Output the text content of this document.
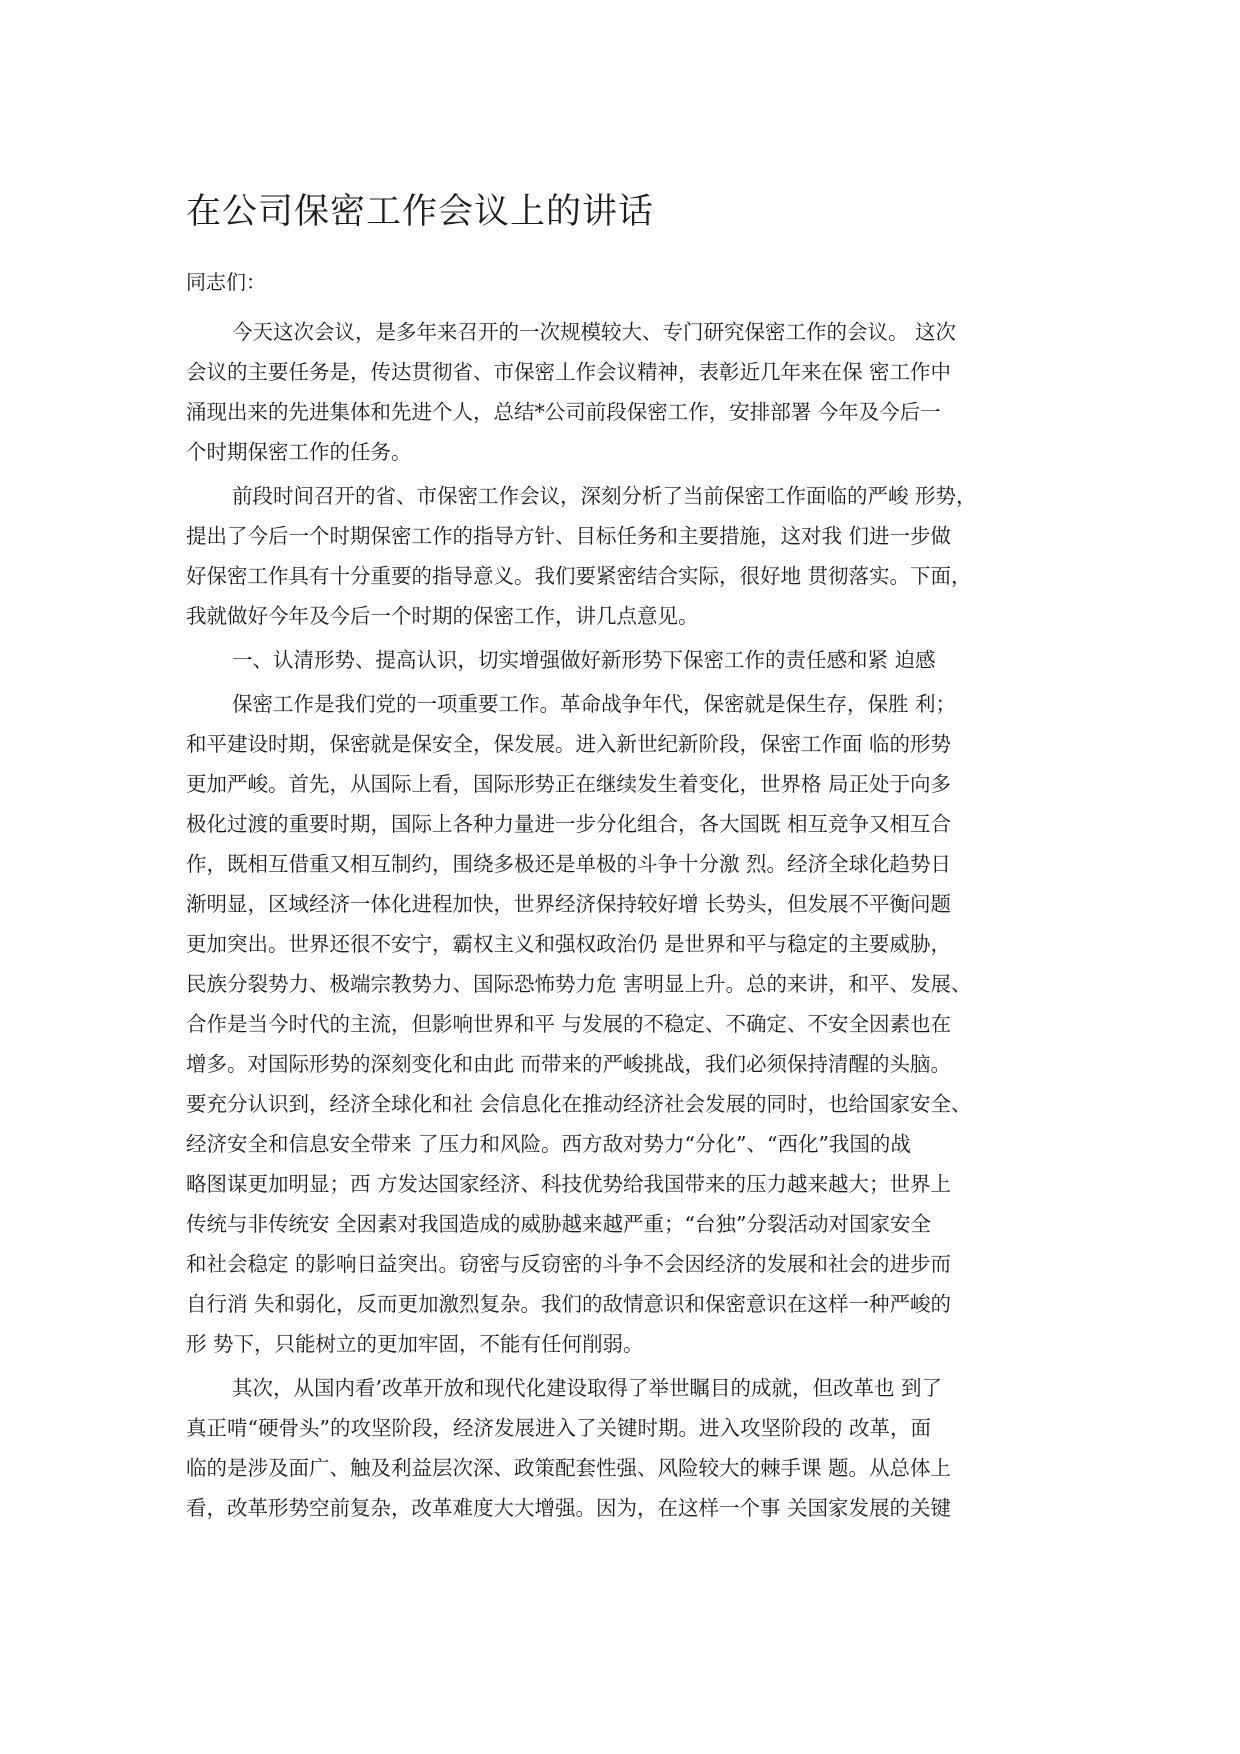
在公司保密工作会议上的讲话

同志们：

今天这次会议，是多年来召开的一次规模较大、专门研究保密工作的会议。 这次
会议的主要任务是，传达贯彻省、市保密丄作会议精神，表彰近几年来在保 密工作中
涌现出来的先进集体和先进个人，总结*公司前段保密工作，安排部署 今年及今后一
个时期保密工作的任务。
前段时间召开的省、市保密工作会议，深刻分析了当前保密工作面临的严峻 形势，
提出了今后一个时期保密工作的指导方针、目标任务和主要措施，这对我 们进一步做
好保密工作具有十分重要的指导意义。我们要紧密结合实际，很好地 贯彻落实。下面，
我就做好今年及今后一个时期的保密工作，讲几点意见。
一、认清形势、提高认识，切实增强做好新形势下保密工作的责任感和紧 迫感
保密工作是我们党的一项重要工作。革命战争年代，保密就是保生存，保胜 利；
和平建设时期，保密就是保安全，保发展。进入新世纪新阶段，保密工作面 临的形势
更加严峻。首先，从国际上看，国际形势正在继续发生着变化，世界格 局正处于向多
极化过渡的重要时期，国际上各种力量进一步分化组合，各大国既 相互竞争又相互合
作，既相互借重又相互制约，围绕多极还是单极的斗争十分激 烈。经济全球化趋势日
渐明显，区域经济一体化进程加快，世界经济保持较好增 长势头，但发展不平衡问题
更加突出。世界还很不安宁，霸权主义和强权政治仍 是世界和平与稳定的主要威胁，
民族分裂势力、极端宗教势力、国际恐怖势力危 害明显上升。总的来讲，和平、发展、
合作是当今时代的主流，但影响世界和平 与发展的不稳定、不确定、不安全因素也在
增多。对国际形势的深刻变化和由此 而带来的严峻挑战，我们必须保持清醒的头脑。
要充分认识到，经济全球化和社 会信息化在推动经济社会发展的同时，也给国家安全、
经济安全和信息安全带来 了压力和风险。西方敌对势力“分化”、“西化”我国的战
略图谋更加明显；西 方发达国家经济、科技优势给我国带来的压力越来越大；世界上
传统与非传统安 全因素对我国造成的威胁越来越严重；“台独”分裂活动对国家安全
和社会稳定 的影响日益突出。窃密与反窃密的斗争不会因经济的发展和社会的进步而
自行消 失和弱化，反而更加激烈复杂。我们的敌情意识和保密意识在这样一种严峻的
形 势下，只能树立的更加牢固，不能有任何削弱。
其次，从国内看’改革开放和现代化建设取得了举世瞩目的成就，但改革也 到了
真正啃“硬骨头”的攻坚阶段，经济发展进入了关键时期。进入攻坚阶段的 改革，面
临的是涉及面广、触及利益层次深、政策配套性强、风险较大的棘手课 题。从总体上
看，改革形势空前复杂，改革难度大大增强。因为，在这样一个事 关国家发展的关键
